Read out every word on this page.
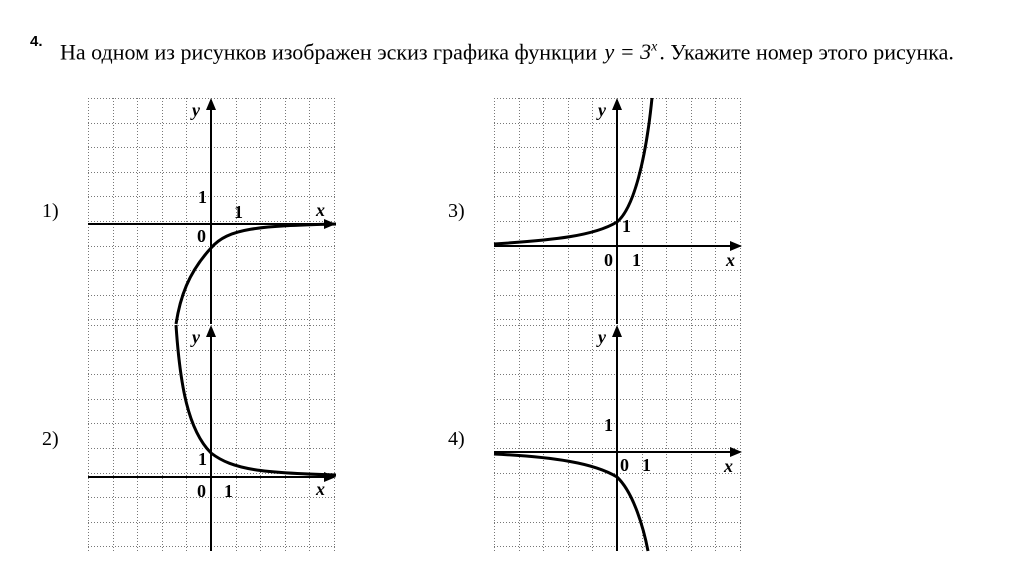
$^{4.}$ На одном из рисунков изображен эскиз графика функции $y = 3^x$. Укажите номер этого рисунка.
1)
2)
3)
4)
y
x
1
1
0
y
x
1
1
0
y
x
1
1
0
y
x
1
1
0
